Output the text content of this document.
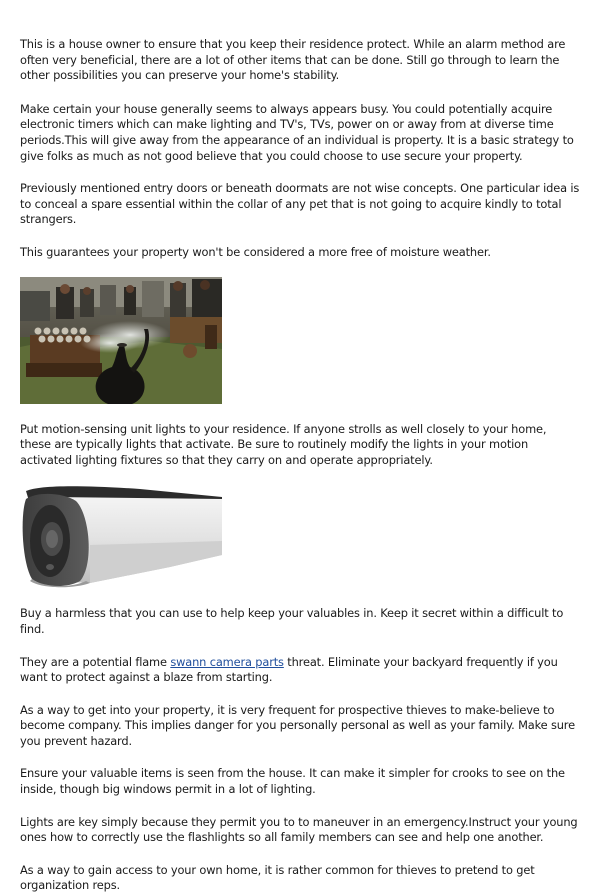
This is a house owner to ensure that you keep their residence protect. While an alarm method are often very beneficial, there are a lot of other items that can be done. Still go through to learn the other possibilities you can preserve your home's stability.

Make certain your house generally seems to always appears busy. You could potentially acquire electronic timers which can make lighting and TV's, TVs, power on or away from at diverse time periods.This will give away from the appearance of an individual is property. It is a basic strategy to give folks as much as not good believe that you could choose to use secure your property.

Previously mentioned entry doors or beneath doormats are not wise concepts. One particular idea is to conceal a spare essential within the collar of any pet that is not going to acquire kindly to total strangers.

This guarantees your property won't be considered a more free of moisture weather.

Put motion-sensing unit lights to your residence. If anyone strolls as well closely to your home, these are typically lights that activate. Be sure to routinely modify the lights in your motion activated lighting fixtures so that they carry on and operate appropriately.

Buy a harmless that you can use to help keep your valuables in. Keep it secret within a difficult to find.

They are a potential flame swann camera parts threat. Eliminate your backyard frequently if you want to protect against a blaze from starting.

As a way to get into your property, it is very frequent for prospective thieves to make-believe to become company. This implies danger for you personally personal as well as your family. Make sure you prevent hazard.

Ensure your valuable items is seen from the house. It can make it simpler for crooks to see on the inside, though big windows permit in a lot of lighting.

Lights are key simply because they permit you to to maneuver in an emergency.Instruct your young ones how to correctly use the flashlights so all family members can see and help one another.

As a way to gain access to your own home, it is rather common for thieves to pretend to get organization reps.
